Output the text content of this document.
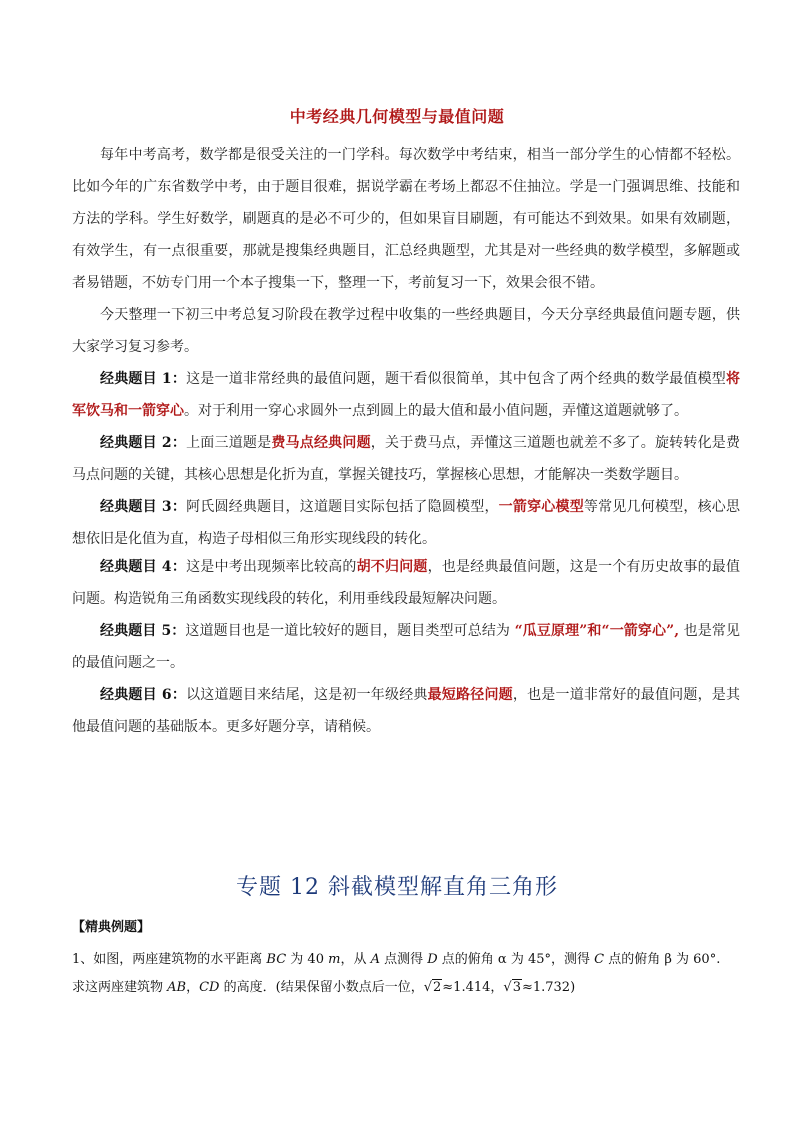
中考经典几何模型与最值问题

每年中考高考，数学都是很受关注的一门学科。每次数学中考结束，相当一部分学生的心情都不轻松。比如今年的广东省数学中考，由于题目很难，据说学霸在考场上都忍不住抽泣。学是一门强调思维、技能和方法的学科。学生好数学，刷题真的是必不可少的，但如果盲目刷题，有可能达不到效果。如果有效刷题，有效学生，有一点很重要，那就是搜集经典题目，汇总经典题型，尤其是对一些经典的数学模型，多解题或者易错题，不妨专门用一个本子搜集一下，整理一下，考前复习一下，效果会很不错。

今天整理一下初三中考总复习阶段在教学过程中收集的一些经典题目，今天分享经典最值问题专题，供大家学习复习参考。

经典题目 1：这是一道非常经典的最值问题，题干看似很简单，其中包含了两个经典的数学最值模型将军饮马和一箭穿心。对于利用一穿心求圆外一点到圆上的最大值和最小值问题，弄懂这道题就够了。

经典题目 2：上面三道题是费马点经典问题，关于费马点，弄懂这三道题也就差不多了。旋转转化是费马点问题的关键，其核心思想是化折为直，掌握关键技巧，掌握核心思想，才能解决一类数学题目。

经典题目 3：阿氏圆经典题目，这道题目实际包括了隐圆模型，一箭穿心模型等常见几何模型，核心思想依旧是化值为直，构造子母相似三角形实现线段的转化。

经典题目 4：这是中考出现频率比较高的胡不归问题，也是经典最值问题，这是一个有历史故事的最值问题。构造锐角三角函数实现线段的转化，利用垂线段最短解决问题。

经典题目 5：这道题目也是一道比较好的题目，题目类型可总结为 “瓜豆原理”和“一箭穿心”, 也是常见的最值问题之一。

经典题目 6：以这道题目来结尾，这是初一年级经典最短路径问题，也是一道非常好的最值问题，是其他最值问题的基础版本。更多好题分享，请稍候。

专题 12 斜截模型解直角三角形
【精典例题】
1、如图，两座建筑物的水平距离 BC 为 40 m，从 A 点测得 D 点的俯角 α 为 45°，测得 C 点的俯角 β 为 60°.
求这两座建筑物 AB，CD 的高度．(结果保留小数点后一位，√2≈1.414，√3≈1.732)
